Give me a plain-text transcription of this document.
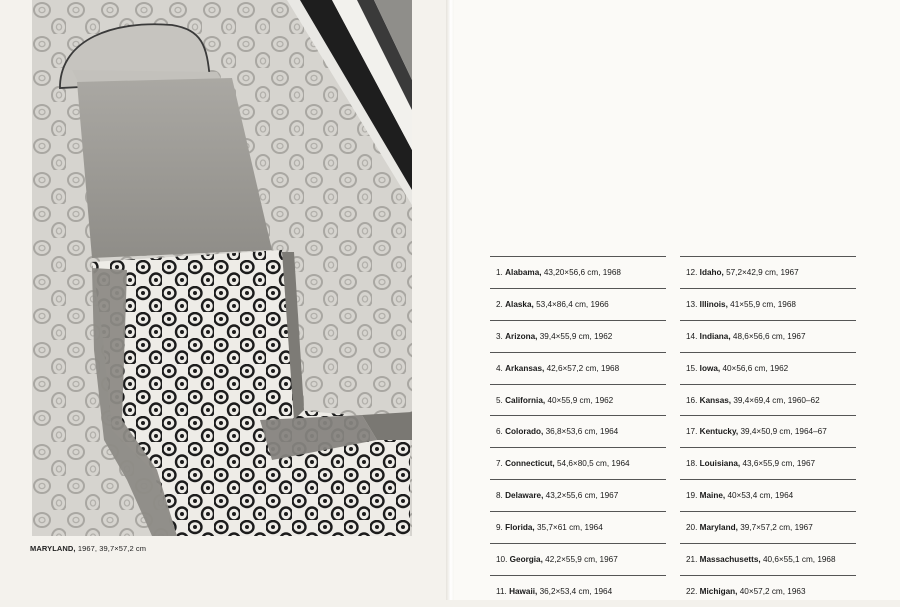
MARYLAND, 1967, 39,7×57,2 cm
1. Alabama, 43,20×56,6 cm, 1968
2. Alaska, 53,4×86,4 cm, 1966
3. Arizona, 39,4×55,9 cm, 1962
4. Arkansas, 42,6×57,2 cm, 1968
5. California, 40×55,9 cm, 1962
6. Colorado, 36,8×53,6 cm, 1964
7. Connecticut, 54,6×80,5 cm, 1964
8. Delaware, 43,2×55,6 cm, 1967
9. Florida, 35,7×61 cm, 1964
10. Georgia, 42,2×55,9 cm, 1967
11. Hawaii, 36,2×53,4 cm, 1964
12. Idaho, 57,2×42,9 cm, 1967
13. Illinois, 41×55,9 cm, 1968
14. Indiana, 48,6×56,6 cm, 1967
15. Iowa, 40×56,6 cm, 1962
16. Kansas, 39,4×69,4 cm, 1960–62
17. Kentucky, 39,4×50,9 cm, 1964–67
18. Louisiana, 43,6×55,9 cm, 1967
19. Maine, 40×53,4 cm, 1964
20. Maryland, 39,7×57,2 cm, 1967
21. Massachusetts, 40,6×55,1 cm, 1968
22. Michigan, 40×57,2 cm, 1963
